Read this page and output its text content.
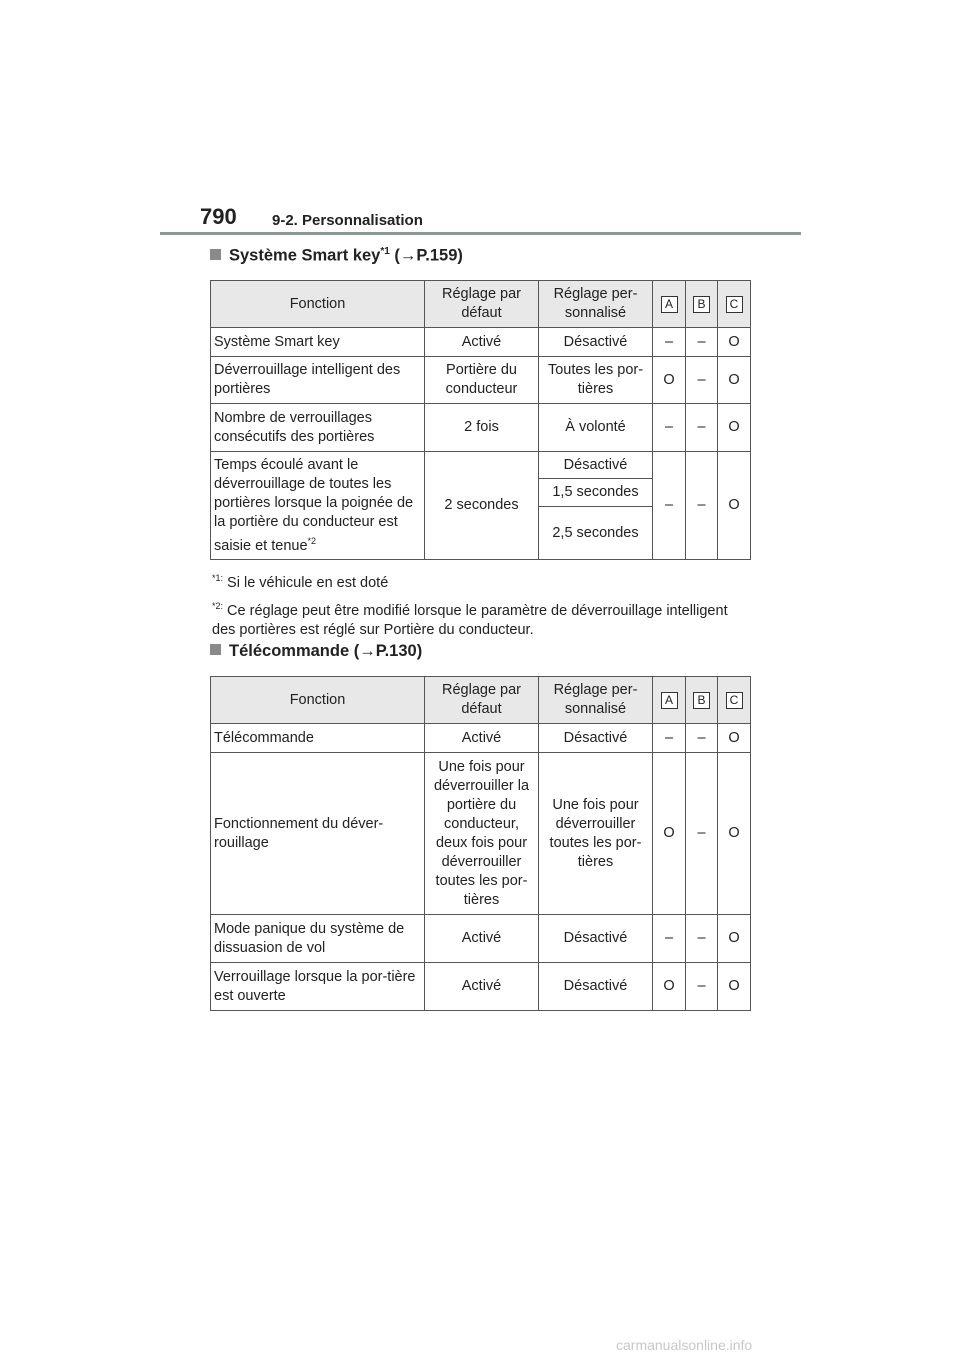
790 9-2. Personnalisation
Système Smart key$^{*1}$ (→P.159)
Fonction	Réglage par défaut	Réglage per-sonnalisé	A	B	C
Système Smart key	Activé	Désactivé	–	–	O
Déverrouillage intelligent des portières	Portière du conducteur	Toutes les por-tières	O	–	O
Nombre de verrouillages consécutifs des portières	2 fois	À volonté	–	–	O
Temps écoulé avant le déverrouillage de toutes les portières lorsque la poignée de la portière du conducteur est saisie et tenue$^{*2}$	2 secondes	Désactivé	–	–	O
		1,5 secondes			
		2,5 secondes			
$^{*1:}$ Si le véhicule en est doté
$^{*2:}$ Ce réglage peut être modifié lorsque le paramètre de déverrouillage intelligent des portières est réglé sur Portière du conducteur.
Télécommande (→P.130)
Fonction	Réglage par défaut	Réglage per-sonnalisé	A	B	C
Télécommande	Activé	Désactivé	–	–	O
Fonctionnement du déver-rouillage	Une fois pour déverrouiller la portière du conducteur, deux fois pour déverrouiller toutes les por-tières	Une fois pour déverrouiller toutes les por-tières	O	–	O
Mode panique du système de dissuasion de vol	Activé	Désactivé	–	–	O
Verrouillage lorsque la por-tière est ouverte	Activé	Désactivé	O	–	O
carmanualsonline.info
